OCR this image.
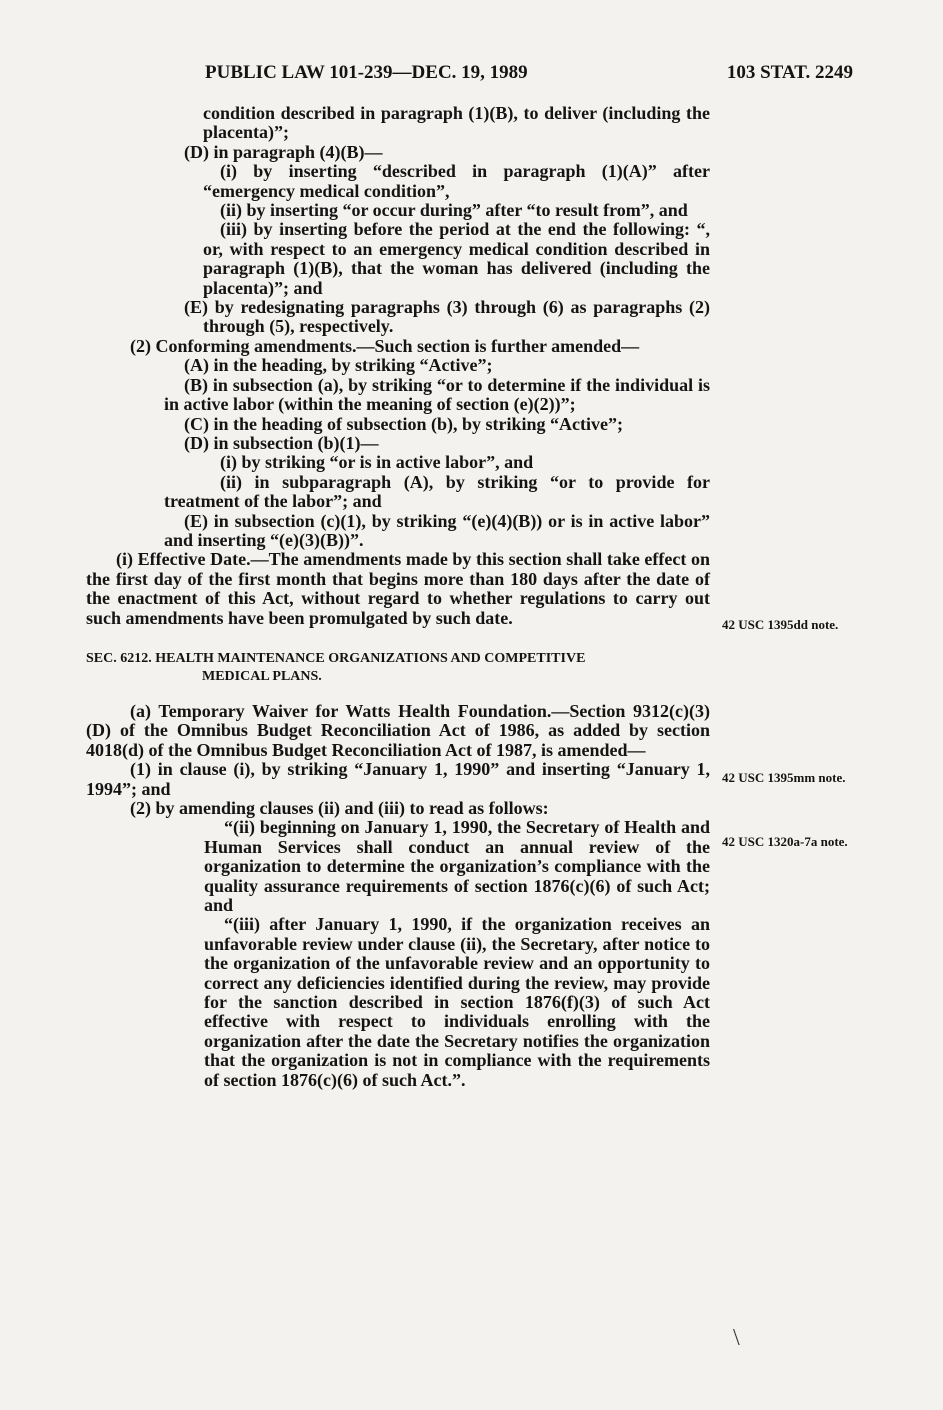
PUBLIC LAW 101-239—DEC. 19, 1989	103 STAT. 2249

condition described in paragraph (1)(B), to deliver (including the placenta)”;

(D) in paragraph (4)(B)—

(i) by inserting “described in paragraph (1)(A)” after “emergency medical condition”,

(ii) by inserting “or occur during” after “to result from”, and

(iii) by inserting before the period at the end the following: “, or, with respect to an emergency medical condition described in paragraph (1)(B), that the woman has delivered (including the placenta)”; and

(E) by redesignating paragraphs (3) through (6) as paragraphs (2) through (5), respectively.

(2) Conforming amendments.—Such section is further amended—

(A) in the heading, by striking “Active”;

(B) in subsection (a), by striking “or to determine if the individual is in active labor (within the meaning of section (e)(2))”;

(C) in the heading of subsection (b), by striking “Active”;

(D) in subsection (b)(1)—

(i) by striking “or is in active labor”, and

(ii) in subparagraph (A), by striking “or to provide for treatment of the labor”; and

(E) in subsection (c)(1), by striking “(e)(4)(B)) or is in active labor” and inserting “(e)(3)(B))”.

(i) Effective Date.—The amendments made by this section shall take effect on the first day of the first month that begins more than 180 days after the date of the enactment of this Act, without regard to whether regulations to carry out such amendments have been promulgated by such date.

SEC. 6212. HEALTH MAINTENANCE ORGANIZATIONS AND COMPETITIVE
MEDICAL PLANS.

(a) Temporary Waiver for Watts Health Foundation.—Section 9312(c)(3)(D) of the Omnibus Budget Reconciliation Act of 1986, as added by section 4018(d) of the Omnibus Budget Reconciliation Act of 1987, is amended—

(1) in clause (i), by striking “January 1, 1990” and inserting “January 1, 1994”; and

(2) by amending clauses (ii) and (iii) to read as follows:

“(ii) beginning on January 1, 1990, the Secretary of Health and Human Services shall conduct an annual review of the organization to determine the organization’s compliance with the quality assurance requirements of section 1876(c)(6) of such Act; and

“(iii) after January 1, 1990, if the organization receives an unfavorable review under clause (ii), the Secretary, after notice to the organization of the unfavorable review and an opportunity to correct any deficiencies identified during the review, may provide for the sanction described in section 1876(f)(3) of such Act effective with respect to individuals enrolling with the organization after the date the Secretary notifies the organization that the organization is not in compliance with the requirements of section 1876(c)(6) of such Act.”.

42 USC 1395dd note.
42 USC 1395mm note.
42 USC 1320a-7a note.
\
